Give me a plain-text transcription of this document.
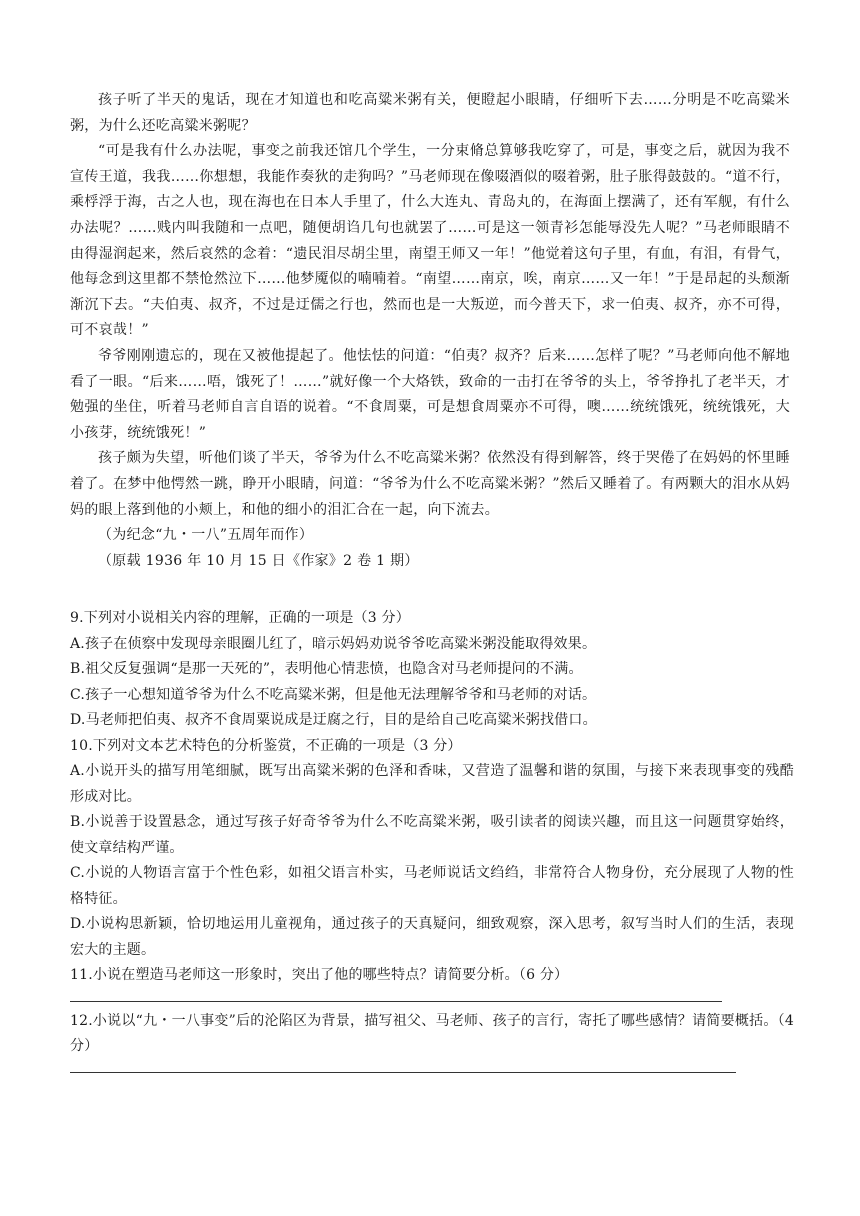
孩子听了半天的鬼话，现在才知道也和吃高粱米粥有关，便瞪起小眼睛，仔细听下去……分明是不吃高粱米粥，为什么还吃高粱米粥呢？

“可是我有什么办法呢，事变之前我还馆几个学生，一分束脩总算够我吃穿了，可是，事变之后，就因为我不宣传王道，我我……你想想，我能作奏狄的走狗吗？”马老师现在像啜酒似的啜着粥，肚子胀得鼓鼓的。“道不行，乘桴浮于海，古之人也，现在海也在日本人手里了，什么大连丸、青岛丸的，在海面上摆满了，还有军舰，有什么办法呢？……贱内叫我随和一点吧，随便胡诌几句也就罢了……可是这一领青衫怎能辱没先人呢？”马老师眼睛不由得湿润起来，然后哀然的念着：“遗民泪尽胡尘里，南望王师又一年！”他觉着这句子里，有血，有泪，有骨气，他每念到这里都不禁怆然泣下……他梦魇似的喃喃着。“南望……南京，唉，南京……又一年！”于是昂起的头颓渐渐沉下去。“夫伯夷、叔齐，不过是迂儒之行也，然而也是一大叛逆，而今普天下，求一伯夷、叔齐，亦不可得，可不哀哉！”

爷爷刚刚遗忘的，现在又被他提起了。他怯怯的问道：“伯夷？叔齐？后来……怎样了呢？”马老师向他不解地看了一眼。“后来……唔，饿死了！……”就好像一个大烙铁，致命的一击打在爷爷的头上，爷爷挣扎了老半天，才勉强的坐住，听着马老师自言自语的说着。“不食周粟，可是想食周粟亦不可得，噢……统统饿死，统统饿死，大小孩芽，统统饿死！”

孩子颇为失望，听他们谈了半天，爷爷为什么不吃高粱米粥？依然没有得到解答，终于哭倦了在妈妈的怀里睡着了。在梦中他愕然一跳，睁开小眼睛，问道：“爷爷为什么不吃高粱米粥？”然后又睡着了。有两颗大的泪水从妈妈的眼上落到他的小颊上，和他的细小的泪汇合在一起，向下流去。

（为纪念“九・一八”五周年而作）

（原载 1936 年 10 月 15 日《作家》2 卷 1 期）

9.下列对小说相关内容的理解，正确的一项是（3 分）

A.孩子在侦察中发现母亲眼圈儿红了，暗示妈妈劝说爷爷吃高粱米粥没能取得效果。

B.祖父反复强调“是那一天死的”，表明他心情悲愤，也隐含对马老师提问的不满。

C.孩子一心想知道爷爷为什么不吃高粱米粥，但是他无法理解爷爷和马老师的对话。

D.马老师把伯夷、叔齐不食周粟说成是迂腐之行，目的是给自己吃高粱米粥找借口。

10.下列对文本艺术特色的分析鉴赏，不正确的一项是（3 分）

A.小说开头的描写用笔细腻，既写出高粱米粥的色泽和香味，又营造了温馨和谐的氛围，与接下来表现事变的残酷形成对比。

B.小说善于设置悬念，通过写孩子好奇爷爷为什么不吃高粱米粥，吸引读者的阅读兴趣，而且这一问题贯穿始终，使文章结构严谨。

C.小说的人物语言富于个性色彩，如祖父语言朴实，马老师说话文绉绉，非常符合人物身份，充分展现了人物的性格特征。

D.小说构思新颖，恰切地运用儿童视角，通过孩子的天真疑问，细致观察，深入思考，叙写当时人们的生活，表现宏大的主题。

11.小说在塑造马老师这一形象时，突出了他的哪些特点？请简要分析。（6 分）

12.小说以“九・一八事变”后的沦陷区为背景，描写祖父、马老师、孩子的言行，寄托了哪些感情？请简要概括。（4 分）
